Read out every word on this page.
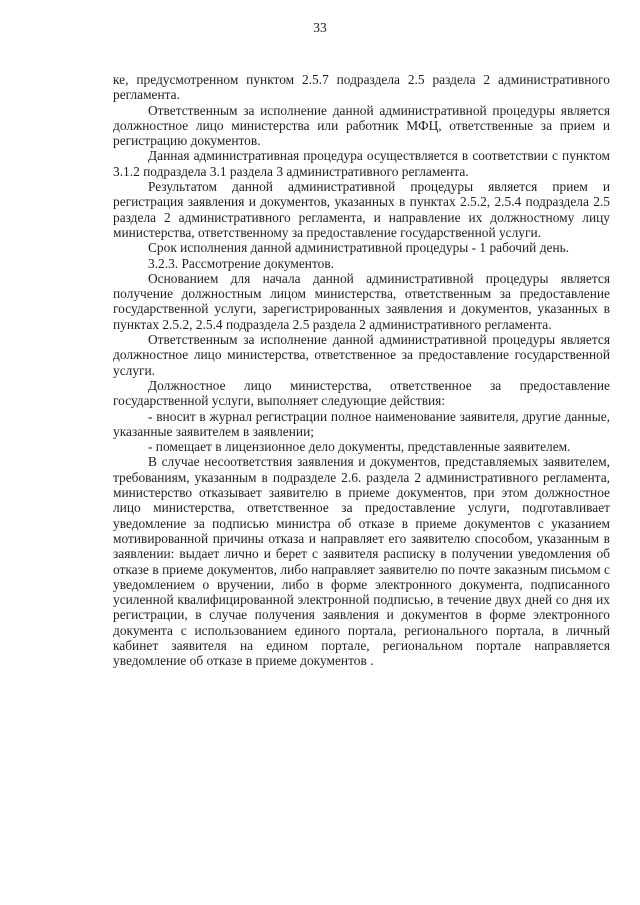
33

ке, предусмотренном пунктом 2.5.7 подраздела 2.5 раздела 2 административного регламента.

Ответственным за исполнение данной административной процедуры является должностное лицо министерства или работник МФЦ, ответственные за прием и регистрацию документов.

Данная административная процедура осуществляется в соответствии с пунктом 3.1.2 подраздела 3.1 раздела 3 административного регламента.

Результатом данной административной процедуры является прием и регистрация заявления и документов, указанных в пунктах 2.5.2, 2.5.4 подраздела 2.5 раздела 2 административного регламента, и направление их должностному лицу министерства, ответственному за предоставление государственной услуги.

Срок исполнения данной административной процедуры - 1 рабочий день.

3.2.3. Рассмотрение документов.

Основанием для начала данной административной процедуры является получение должностным лицом министерства, ответственным за предоставление государственной услуги, зарегистрированных заявления и документов, указанных в пунктах 2.5.2, 2.5.4 подраздела 2.5 раздела 2 административного регламента.

Ответственным за исполнение данной административной процедуры является должностное лицо министерства, ответственное за предоставление государственной услуги.

Должностное лицо министерства, ответственное за предоставление государственной услуги, выполняет следующие действия:

- вносит в журнал регистрации полное наименование заявителя, другие данные, указанные заявителем в заявлении;

- помещает в лицензионное дело документы, представленные заявителем.

В случае несоответствия заявления и документов, представляемых заявителем, требованиям, указанным в подразделе 2.6. раздела 2 административного регламента, министерство отказывает заявителю в приеме документов, при этом должностное лицо министерства, ответственное за предоставление услуги, подготавливает уведомление за подписью министра об отказе в приеме документов с указанием мотивированной причины отказа и направляет его заявителю способом, указанным в заявлении: выдает лично и берет с заявителя расписку в получении уведомления об отказе в приеме документов, либо направляет заявителю по почте заказным письмом с уведомлением о вручении, либо в форме электронного документа, подписанного усиленной квалифицированной электронной подписью, в течение двух дней со дня их регистрации, в случае получения заявления и документов в форме электронного документа с использованием единого портала, регионального портала, в личный кабинет заявителя на едином портале, региональном портале направляется уведомление об отказе в приеме документов .
